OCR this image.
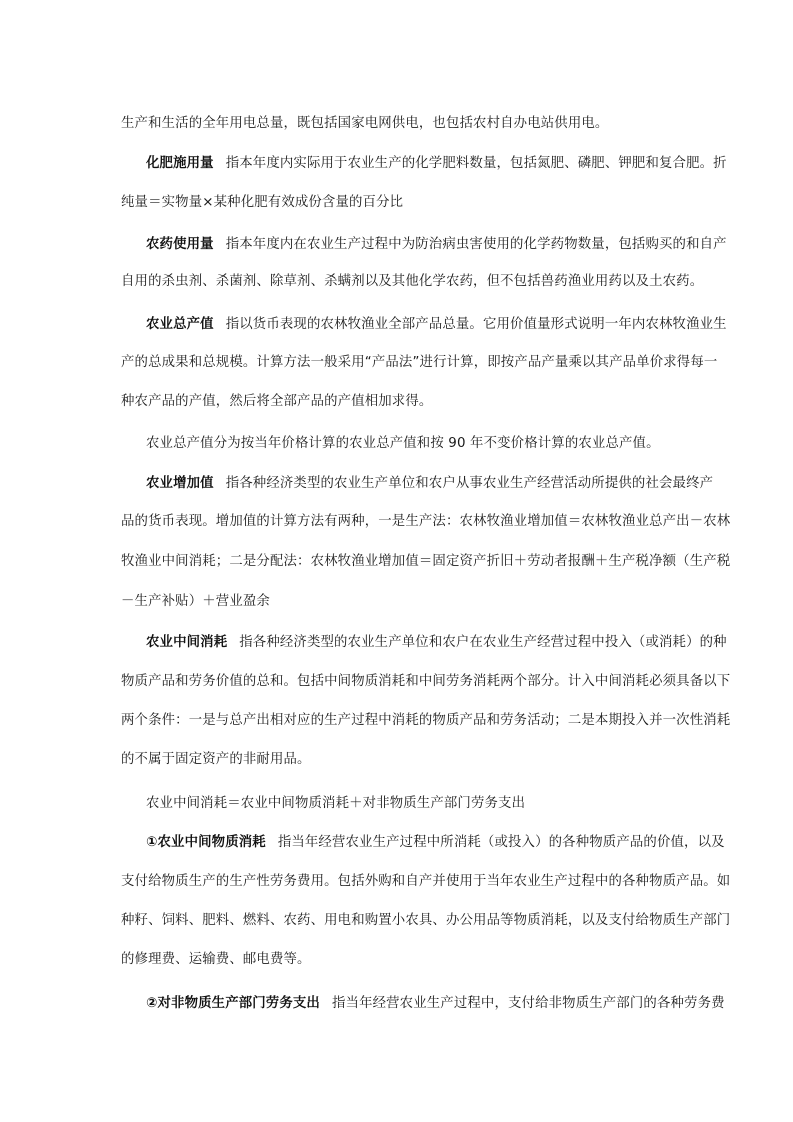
生产和生活的全年用电总量，既包括国家电网供电，也包括农村自办电站供用电。
化肥施用量 指本年度内实际用于农业生产的化学肥料数量，包括氮肥、磷肥、钾肥和复合肥。折
纯量＝实物量×某种化肥有效成份含量的百分比
农药使用量 指本年度内在农业生产过程中为防治病虫害使用的化学药物数量，包括购买的和自产
自用的杀虫剂、杀菌剂、除草剂、杀螨剂以及其他化学农药，但不包括兽药渔业用药以及土农药。
农业总产值 指以货币表现的农林牧渔业全部产品总量。它用价值量形式说明一年内农林牧渔业生
产的总成果和总规模。计算方法一般采用“产品法”进行计算，即按产品产量乘以其产品单价求得每一
种农产品的产值，然后将全部产品的产值相加求得。
农业总产值分为按当年价格计算的农业总产值和按 90 年不变价格计算的农业总产值。
农业增加值 指各种经济类型的农业生产单位和农户从事农业生产经营活动所提供的社会最终产
品的货币表现。增加值的计算方法有两种，一是生产法：农林牧渔业增加值＝农林牧渔业总产出－农林
牧渔业中间消耗；二是分配法：农林牧渔业增加值＝固定资产折旧＋劳动者报酬＋生产税净额（生产税
－生产补贴）＋营业盈余
农业中间消耗 指各种经济类型的农业生产单位和农户在农业生产经营过程中投入（或消耗）的种
物质产品和劳务价值的总和。包括中间物质消耗和中间劳务消耗两个部分。计入中间消耗必须具备以下
两个条件：一是与总产出相对应的生产过程中消耗的物质产品和劳务活动；二是本期投入并一次性消耗
的不属于固定资产的非耐用品。
农业中间消耗＝农业中间物质消耗＋对非物质生产部门劳务支出
①农业中间物质消耗 指当年经营农业生产过程中所消耗（或投入）的各种物质产品的价值，以及
支付给物质生产的生产性劳务费用。包括外购和自产并使用于当年农业生产过程中的各种物质产品。如
种籽、饲料、肥料、燃料、农药、用电和购置小农具、办公用品等物质消耗，以及支付给物质生产部门
的修理费、运输费、邮电费等。
②对非物质生产部门劳务支出 指当年经营农业生产过程中，支付给非物质生产部门的各种劳务费
